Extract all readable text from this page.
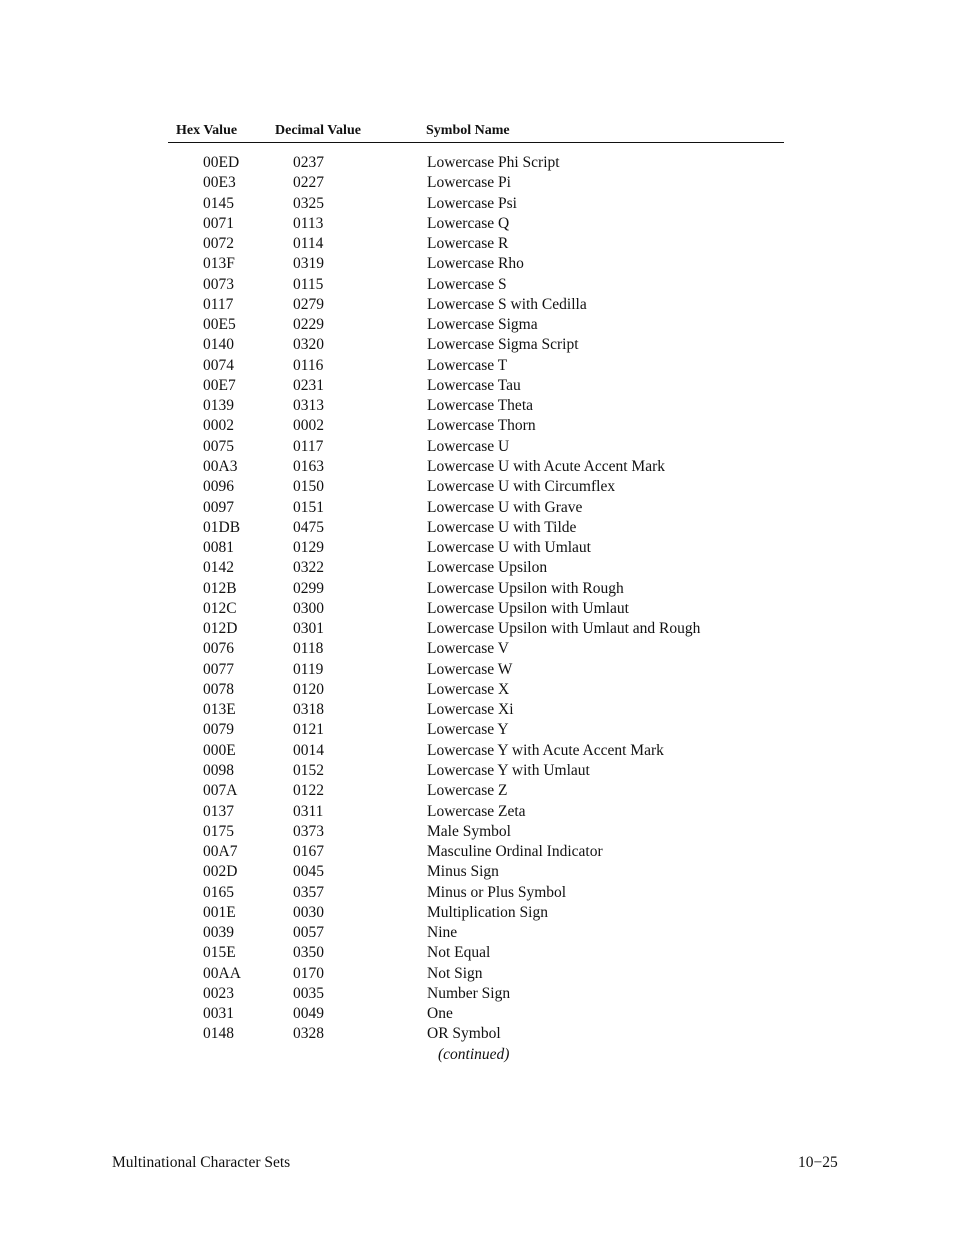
Hex Value	Decimal Value	Symbol Name
00ED	0237	Lowercase Phi Script
00E3	0227	Lowercase Pi
0145	0325	Lowercase Psi
0071	0113	Lowercase Q
0072	0114	Lowercase R
013F	0319	Lowercase Rho
0073	0115	Lowercase S
0117	0279	Lowercase S with Cedilla
00E5	0229	Lowercase Sigma
0140	0320	Lowercase Sigma Script
0074	0116	Lowercase T
00E7	0231	Lowercase Tau
0139	0313	Lowercase Theta
0002	0002	Lowercase Thorn
0075	0117	Lowercase U
00A3	0163	Lowercase U with Acute Accent Mark
0096	0150	Lowercase U with Circumflex
0097	0151	Lowercase U with Grave
01DB	0475	Lowercase U with Tilde
0081	0129	Lowercase U with Umlaut
0142	0322	Lowercase Upsilon
012B	0299	Lowercase Upsilon with Rough
012C	0300	Lowercase Upsilon with Umlaut
012D	0301	Lowercase Upsilon with Umlaut and Rough
0076	0118	Lowercase V
0077	0119	Lowercase W
0078	0120	Lowercase X
013E	0318	Lowercase Xi
0079	0121	Lowercase Y
000E	0014	Lowercase Y with Acute Accent Mark
0098	0152	Lowercase Y with Umlaut
007A	0122	Lowercase Z
0137	0311	Lowercase Zeta
0175	0373	Male Symbol
00A7	0167	Masculine Ordinal Indicator
002D	0045	Minus Sign
0165	0357	Minus or Plus Symbol
001E	0030	Multiplication Sign
0039	0057	Nine
015E	0350	Not Equal
00AA	0170	Not Sign
0023	0035	Number Sign
0031	0049	One
0148	0328	OR Symbol
(continued)
Multinational Character Sets	10−25
